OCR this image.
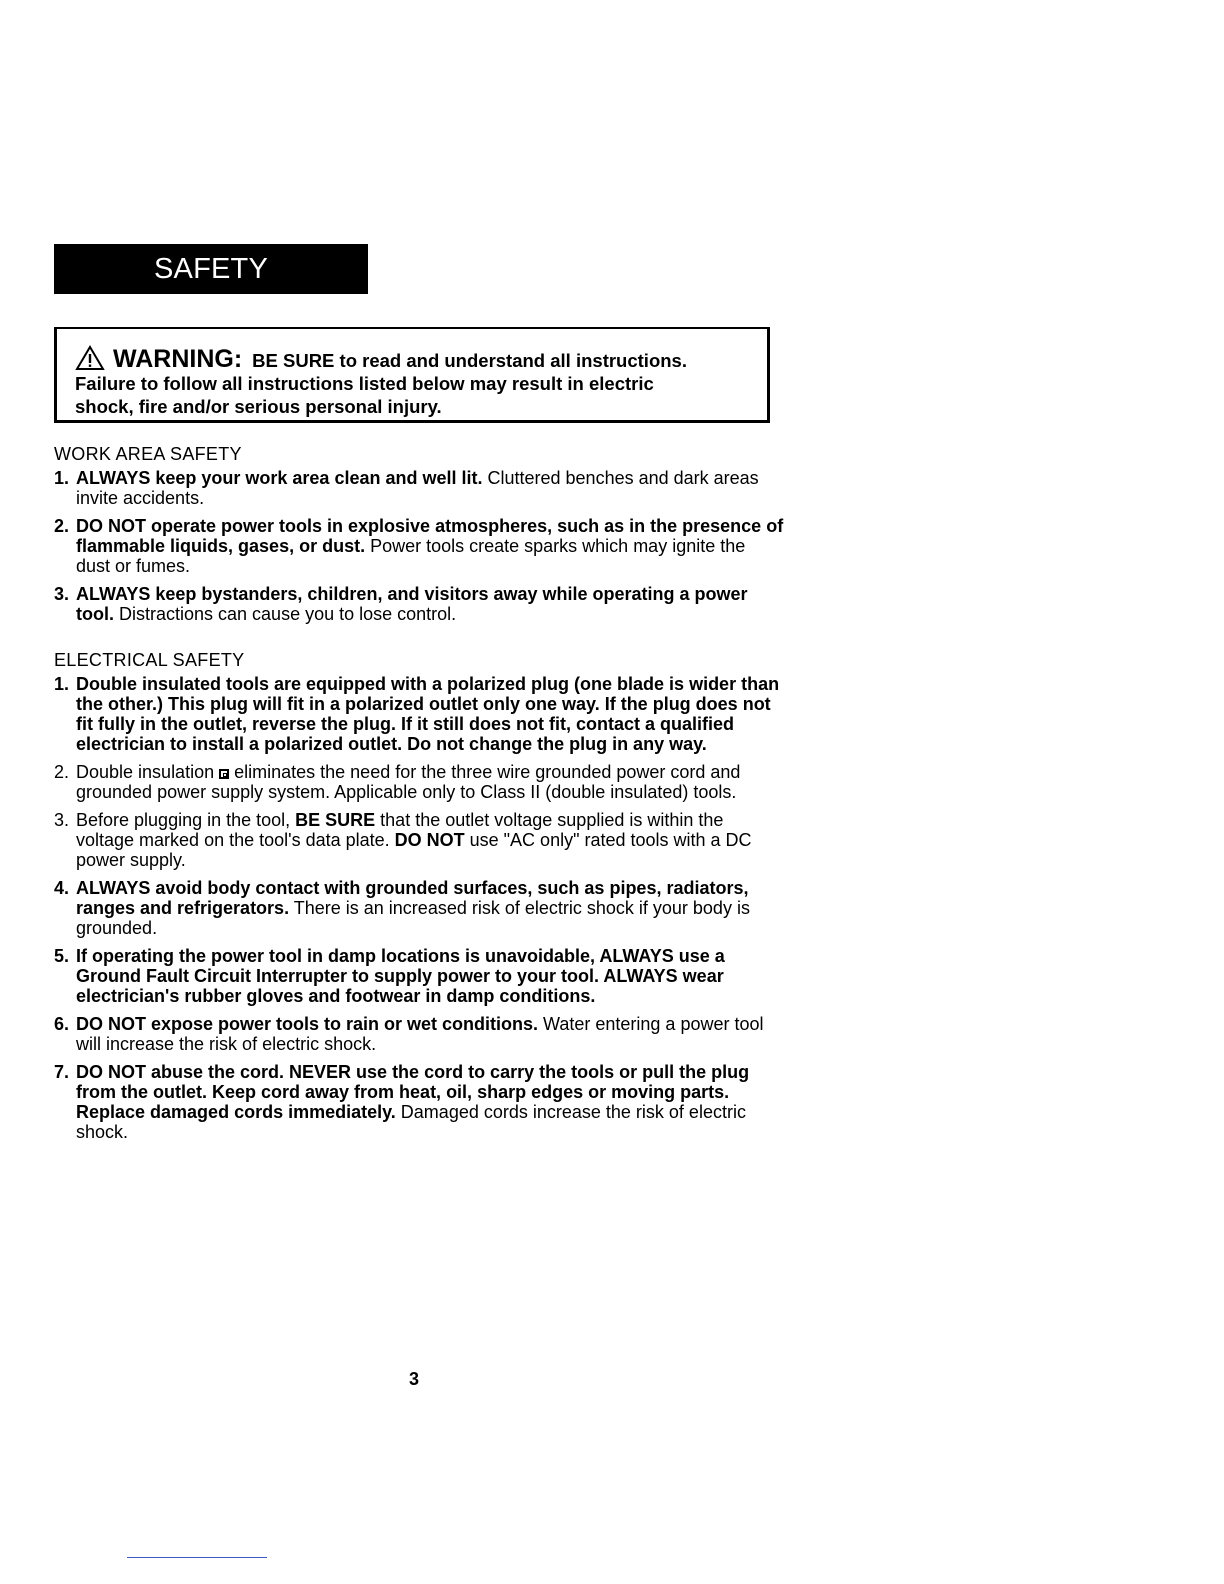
SAFETY INSTRUCTIONS
WARNING: BE SURE to read and understand all instructions.
Failure to follow all instructions listed below may result in electric
shock, fire and/or serious personal injury.
WORK AREA SAFETY
1. ALWAYS keep your work area clean and well lit. Cluttered benches and dark areas invite accidents.
2. DO NOT operate power tools in explosive atmospheres, such as in the presence of flammable liquids, gases, or dust. Power tools create sparks which may ignite the dust or fumes.
3. ALWAYS keep bystanders, children, and visitors away while operating a power tool. Distractions can cause you to lose control.
ELECTRICAL SAFETY
1. Double insulated tools are equipped with a polarized plug (one blade is wider than the other.) This plug will fit in a polarized outlet only one way. If the plug does not fit fully in the outlet, reverse the plug. If it still does not fit, contact a qualified electrician to install a polarized outlet. Do not change the plug in any way.
2. Double insulation  eliminates the need for the three wire grounded power cord and grounded power supply system. Applicable only to Class II (double insulated) tools.
3. Before plugging in the tool, BE SURE that the outlet voltage supplied is within the voltage marked on the tool's data plate. DO NOT use "AC only" rated tools with a DC power supply.
4. ALWAYS avoid body contact with grounded surfaces, such as pipes, radiators, ranges and refrigerators. There is an increased risk of electric shock if your body is grounded.
5. If operating the power tool in damp locations is unavoidable, ALWAYS use a Ground Fault Circuit Interrupter to supply power to your tool. ALWAYS wear electrician's rubber gloves and footwear in damp conditions.
6. DO NOT expose power tools to rain or wet conditions. Water entering a power tool will increase the risk of electric shock.
7. DO NOT abuse the cord. NEVER use the cord to carry the tools or pull the plug from the outlet. Keep cord away from heat, oil, sharp edges or moving parts. Replace damaged cords immediately. Damaged cords increase the risk of electric shock.
3
